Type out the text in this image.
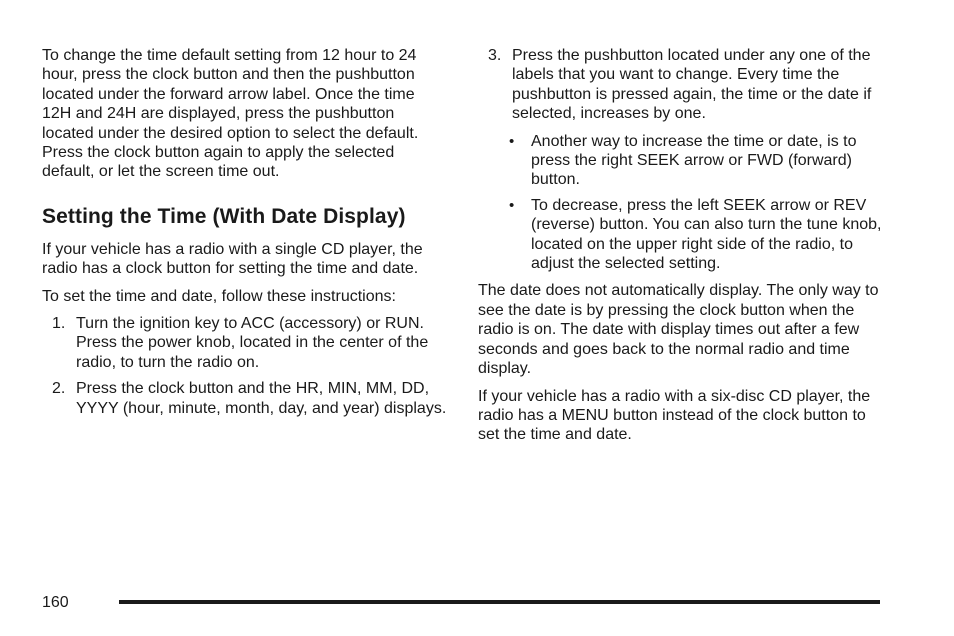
To change the time default setting from 12 hour to 24 hour, press the clock button and then the pushbutton located under the forward arrow label. Once the time 12H and 24H are displayed, press the pushbutton located under the desired option to select the default. Press the clock button again to apply the selected default, or let the screen time out.

Setting the Time (With Date Display)

If your vehicle has a radio with a single CD player, the radio has a clock button for setting the time and date.

To set the time and date, follow these instructions:

1. Turn the ignition key to ACC (accessory) or RUN. Press the power knob, located in the center of the radio, to turn the radio on.
2. Press the clock button and the HR, MIN, MM, DD, YYYY (hour, minute, month, day, and year) displays.
3. Press the pushbutton located under any one of the labels that you want to change. Every time the pushbutton is pressed again, the time or the date if selected, increases by one.
• Another way to increase the time or date, is to press the right SEEK arrow or FWD (forward) button.
• To decrease, press the left SEEK arrow or REV (reverse) button. You can also turn the tune knob, located on the upper right side of the radio, to adjust the selected setting.

The date does not automatically display. The only way to see the date is by pressing the clock button when the radio is on. The date with display times out after a few seconds and goes back to the normal radio and time display.

If your vehicle has a radio with a six-disc CD player, the radio has a MENU button instead of the clock button to set the time and date.

160
